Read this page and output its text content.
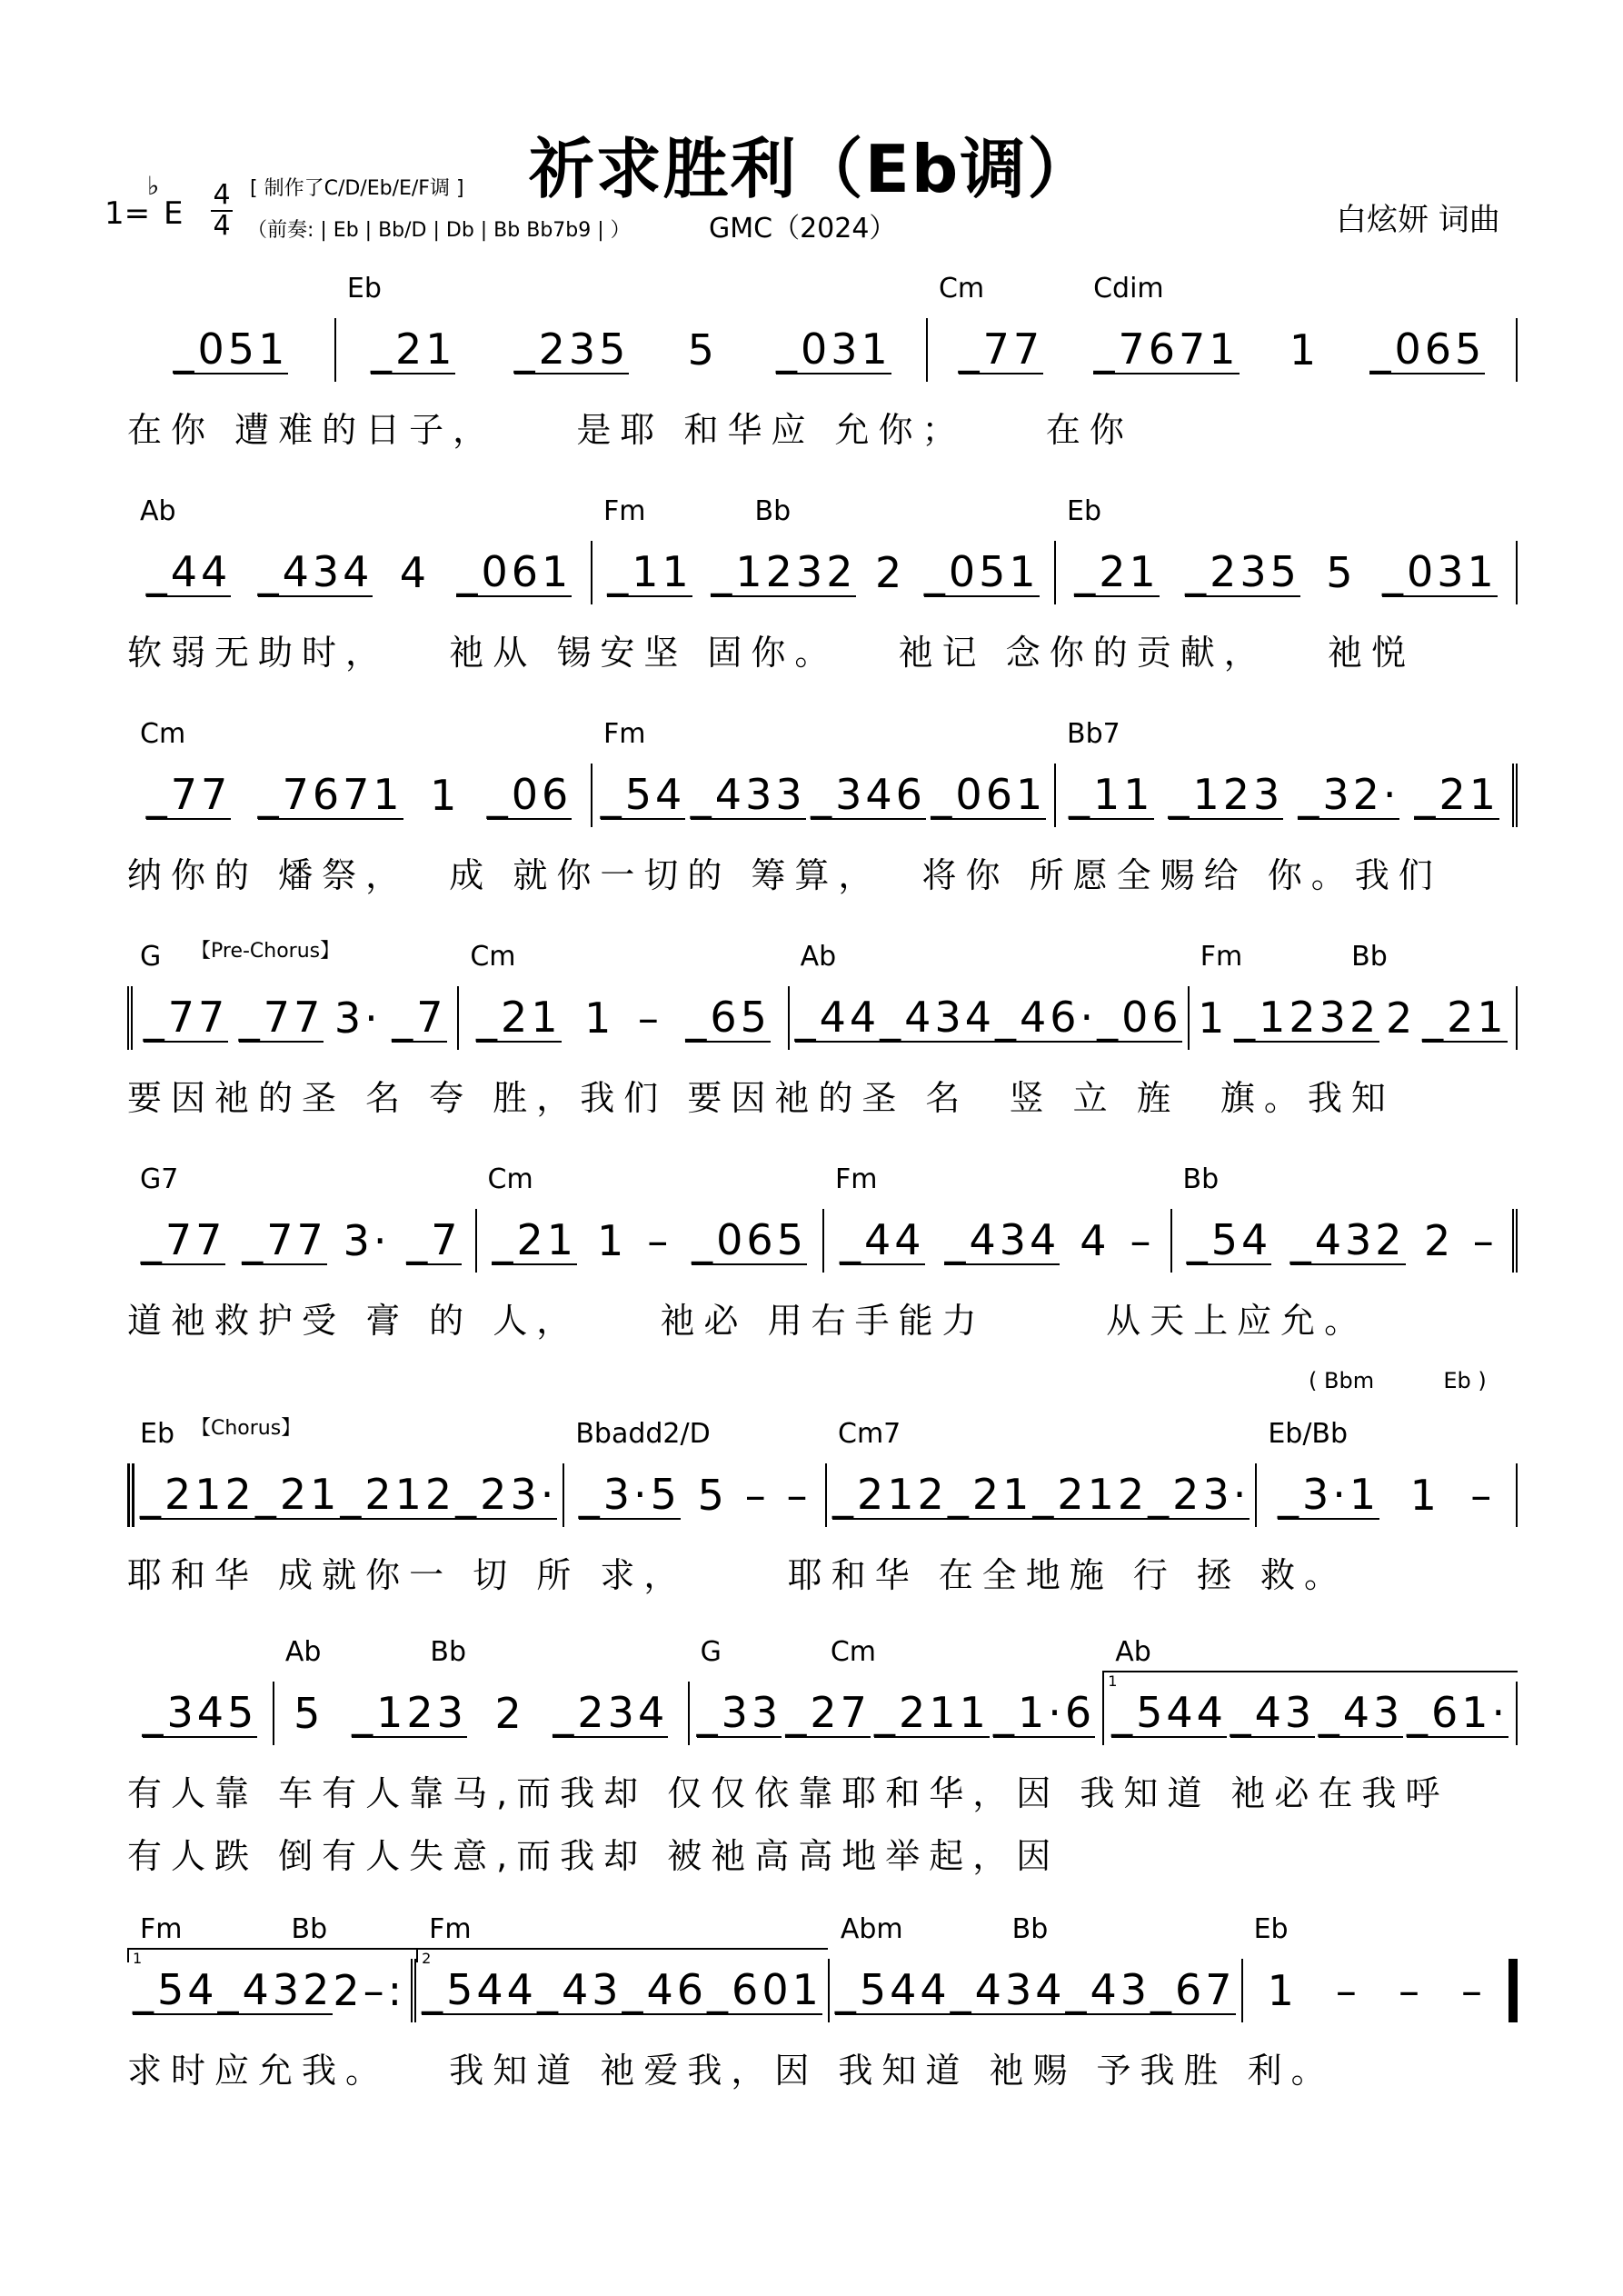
祈求胜利（Eb调）
1=
♭
E
4
4
[ 制作了C/D/Eb/E/F调 ]
（前奏: | Eb | Bb/D | Db | Bb Bb7b9 | ）	GMC（2024）	白炫妍 词曲
( Bbm          Eb )
_051
Eb
_21 _235 5 _031
Cm	Cdim
_77 _7671 1 _065
在你 遭难的日子，    是耶 和华应 允你；    在你
Ab
_44 _434 4 _061
Fm	Bb
_11 _1232 2 _051
Eb
_21 _235 5 _031
软弱无助时，   祂从 锡安坚 固你。   祂记 念你的贡献，   祂悦
Cm
_77 _7671 1 _06
Fm
_54 _433 _346 _061
Bb7
_11 _123 _32· _21
纳你的 燔祭，  成 就你一切的 筹算，  将你 所愿全赐给 你。我们
【Pre-Chorus】
G
_77 _77 3· _7
Cm
_21 1 – _65
Ab
_44 _434 _46· _06
Fm	Bb
1 _1232 2 _21
要因祂的圣 名 夸 胜，我们 要因祂的圣 名  竖 立 旌  旗。我知
G7
_77 _77 3· _7
Cm
_21 1 – _065
Fm
_44 _434 4 –
Bb
_54 _432 2 –
道祂救护受 膏 的 人，    祂必 用右手能力      从天上应允。
【Chorus】
Eb
_212 _21 _212 _23·
Bbadd2/D
_3·5 5 – –
Cm7
_212 _21 _212 _23·
Eb/Bb
_3·1 1 –
耶和华 成就你一 切 所 求，     耶和华 在全地施 行 拯 救。
_345
Ab	Bb
5 _123 2 _234
G	Cm
_33 _27 _211 _1·6
Ab
1
_544 _43 _43 _61·
有人靠 车有人靠马,而我却 仅仅依靠耶和华，因 我知道 祂必在我呼
有人跌 倒有人失意,而我却 被祂高高地举起，因
Fm	Bb
1
_54 _432 2 –:
Fm
2
_544 _43 _46 _601
Abm	Bb
_544 _434 _43 _67
Eb
1 – – –
求时应允我。   我知道 祂爱我，因 我知道 祂赐 予我胜 利。
